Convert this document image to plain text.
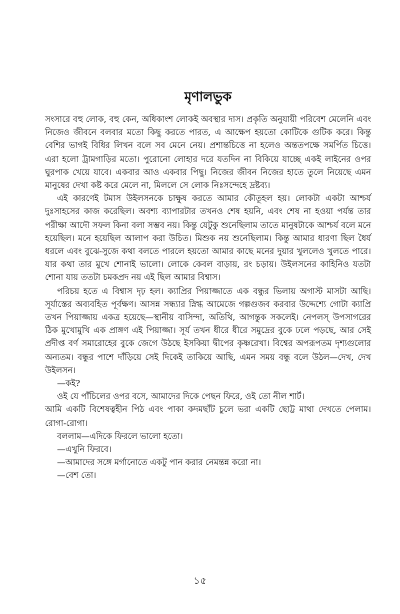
মৃণালভুক

সংসারে বহু লোক, বহু কেন, অধিকাংশ লোকই অবস্থার দাস। প্রকৃতি অনুযায়ী পরিবেশ মেলেনি এবং নিজেও জীবনে বলবার মতো কিছু করতে পারত, এ আক্ষেপ হয়তো কোটিকে গুটিক করে। কিন্তু বেশির ভাগই বিধির লিখন বলে সব মেনে নেয়। প্রশান্তচিত্তে না হলেও অন্ততপক্ষে সমর্পিত চিত্তে। এরা হলো ট্রামগাড়ির মতো। পুরোনো লোহার দরে যতদিন না বিকিয়ে যাচ্ছে একই লাইনের ওপর ঘুরপাক খেয়ে যাবে। একবার আও একবার পিছু। নিজের জীবন নিজের হাতে তুলে নিয়েছে এমন মানুষের দেখা কষ্ট করে মেলে না, মিললে সে লোক নিঃসন্দেহে দ্রষ্টব্য।

এই কারণেই টমাস উইলসনকে চাক্ষুষ করতে আমার কৌতূহল হয়। লোকটা একটা আশ্চর্য দুঃসাহসের কাজ করেছিল। অবশ্য ব্যাপারটার তখনও শেষ হয়নি, এবং শেষ না হওয়া পর্যন্ত তার পরীক্ষা আদৌ সফল কিনা বলা সম্ভব নয়। কিন্তু যেটুকু শুনেছিলাম তাতে মানুষটাকে আশ্চর্য বলে মনে হয়েছিল। মনে হয়েছিল আলাপ করা উচিত। মিশুক নয় শুনেছিলাম। কিন্তু আমার ধারণা ছিল ধৈর্য ধরলে এবং বুঝে-সুজে কথা বলতে পারলে হয়তো আমার কাছে মনের দুয়ার খুললেও খুলতে পারে। যার কথা তার মুখে শোনাই ভালো। লোকে কেবল বাড়ায়, রং চড়ায়। উইলসনের কাহিনিও যতটা শোনা যায় ততটা চমকপ্রদ নয় এই ছিল আমার বিশ্বাস।

পরিচয় হতে এ বিশ্বাস দৃঢ় হল। ক্যাপ্রির পিয়াজ্জাতে এক বন্ধুর ভিলায় অগাস্ট মাসটা আছি। সূর্যাস্তের অব্যবহিত পূর্বক্ষণ। আসন্ন সন্ধ্যার স্নিগ্ধ আমেজে গল্পগুজব করবার উদ্দেশ্যে গোটা ক্যাপ্রি তখন পিয়াজ্জায় একত্র হয়েছে—স্থানীয় বাসিন্দা, অতিথি, আগন্তুক সকলেই। নেপলস্ উপসাগরের ঠিক মুখোমুখি এক প্রাঙ্গণ এই পিয়াজ্জা। সূর্য তখন ধীরে ধীরে সমুদ্রের বুকে ঢলে পড়ছে, আর সেই প্রদীপ্ত বর্ণ সমারোহের বুকে জেগে উঠছে ইসকিয়া দ্বীপের কৃষ্ণরেখা। বিশ্বের অপরূপতম দৃশ্যগুলোর অন্যতম। বন্ধুর পাশে দাঁড়িয়ে সেই দিকেই তাকিয়ে আছি, এমন সময় বন্ধু বলে উঠল—দেখ, দেখ উইলসন।

—কই?

ওই যে পাঁচিলের ওপর বসে, আমাদের দিকে পেছন ফিরে, ওই তো নীল শার্ট।

আমি একটি বিশেষত্বহীন পিঠ এবং পাকা কদমছাঁট চুলে ভরা একটি ছোট্ট মাথা দেখতে পেলাম। রোগা-রোগা।

বললাম—এদিকে ফিরলে ভালো হতো।

—এখুনি ফিরবে।

—আমাদের সঙ্গে মর্গানোতে একটু পান করার নেমন্তন্ন করো না।

—বেশ তো।

১৫
